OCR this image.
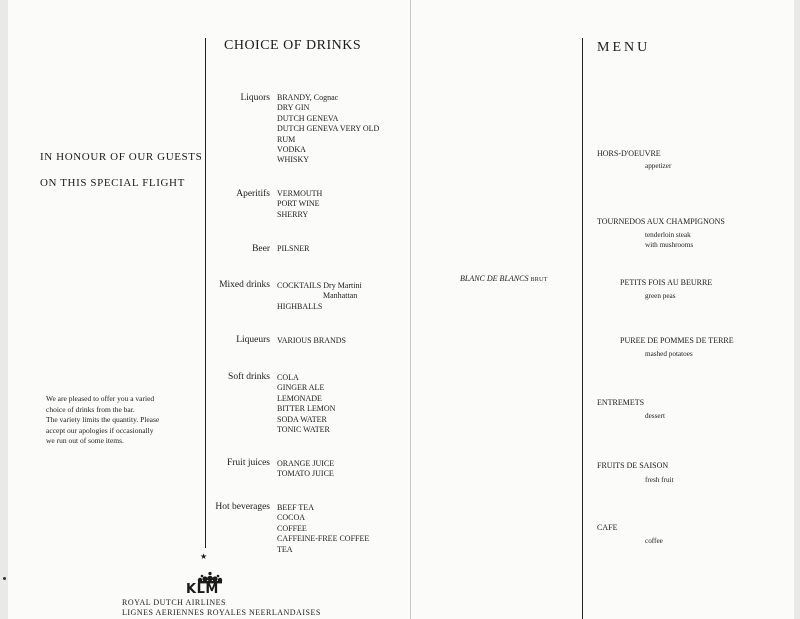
IN HONOUR OF OUR GUESTS
ON THIS SPECIAL FLIGHT
We are pleased to offer you a varied
choice of drinks from the bar.
The variety limits the quantity. Please
accept our apologies if occasionally
we run out of some items.
CHOICE OF DRINKS
Liquors BRANDY, Cognac
DRY GIN
DUTCH GENEVA
DUTCH GENEVA VERY OLD
RUM
VODKA
WHISKY
Aperitifs VERMOUTH
PORT WINE
SHERRY
Beer PILSNER
Mixed drinks COCKTAILS Dry Martini
Manhattan
HIGHBALLS
Liqueurs VARIOUS BRANDS
Soft drinks COLA
GINGER ALE
LEMONADE
BITTER LEMON
SODA WATER
TONIC WATER
Fruit juices ORANGE JUICE
TOMATO JUICE
Hot beverages BEEF TEA
COCOA
COFFEE
CAFFEINE-FREE COFFEE
TEA
★
KLM
ROYAL DUTCH AIRLINES
LIGNES AERIENNES ROYALES NEERLANDAISES
BLANC DE BLANCS BRUT
MENU
HORS-D'OEUVRE
appetizer
TOURNEDOS AUX CHAMPIGNONS
tenderloin steak
with mushrooms
PETITS FOIS AU BEURRE
green peas
PUREE DE POMMES DE TERRE
mashed potatoes
ENTREMETS
dessert
FRUITS DE SAISON
fresh fruit
CAFE
coffee
